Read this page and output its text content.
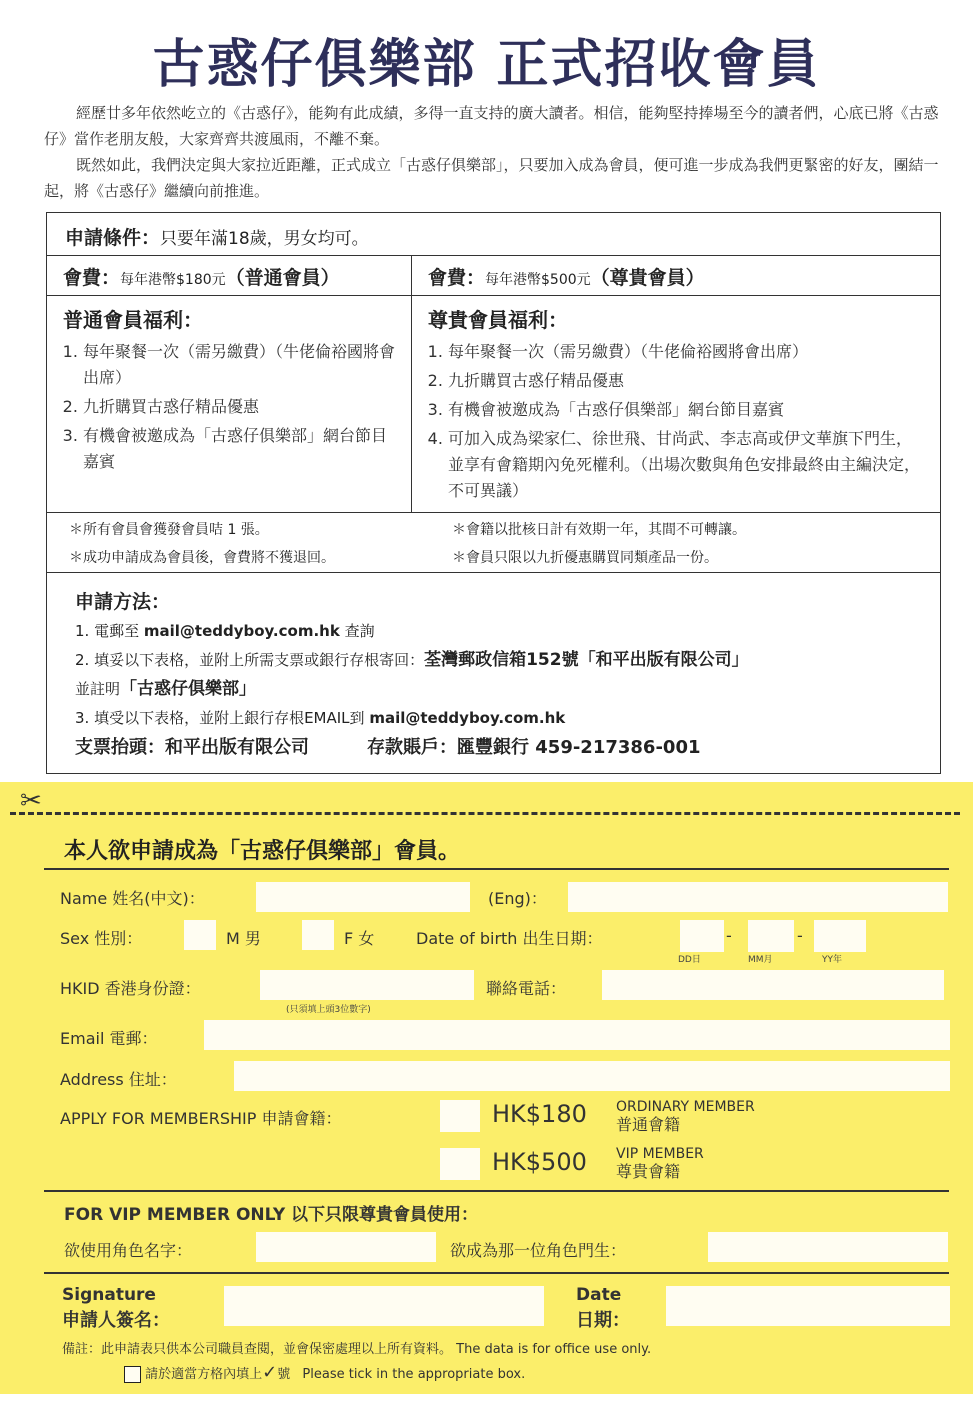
古惑仔俱樂部 正式招收會員

經歷廿多年依然屹立的《古惑仔》，能夠有此成績，多得一直支持的廣大讀者。相信，能夠堅持捧場至今的讀者們，心底已將《古惑仔》當作老朋友般，大家齊齊共渡風雨，不離不棄。

既然如此，我們決定與大家拉近距離，正式成立「古惑仔俱樂部」，只要加入成為會員，便可進一步成為我們更緊密的好友，團結一起，將《古惑仔》繼續向前推進。

申請條件：只要年滿18歲，男女均可。
會費：每年港幣$180元（普通會員）	會費：每年港幣$500元（尊貴會員）
普通會員福利：
1. 每年聚餐一次（需另繳費）（牛佬倫裕國將會出席）
2. 九折購買古惑仔精品優惠
3. 有機會被邀成為「古惑仔俱樂部」網台節目嘉賓
尊貴會員福利：
1. 每年聚餐一次（需另繳費）（牛佬倫裕國將會出席）
2. 九折購買古惑仔精品優惠
3. 有機會被邀成為「古惑仔俱樂部」網台節目嘉賓
4. 可加入成為梁家仁、徐世飛、甘尚武、李志高或伊文華旗下門生，並享有會籍期內免死權利。（出場次數與角色安排最終由主編決定，不可異議）
＊所有會員會獲發會員咭 1 張。	＊會籍以批核日計有效期一年，其間不可轉讓。
＊成功申請成為會員後，會費將不獲退回。	＊會員只限以九折優惠購買同類產品一份。
申請方法：
1. 電郵至 mail@teddyboy.com.hk 查詢
2. 填妥以下表格，並附上所需支票或銀行存根寄回：荃灣郵政信箱152號「和平出版有限公司」
並註明「古惑仔俱樂部」
3. 填受以下表格，並附上銀行存根EMAIL到 mail@teddyboy.com.hk
支票抬頭：和平出版有限公司	存款賬戶：匯豐銀行 459-217386-001
✂
本人欲申請成為「古惑仔俱樂部」會員。
Name 姓名(中文)：	(Eng)：
Sex 性別：	M 男	F 女	Date of birth 出生日期：	-	-
DD日	MM月	YY年
HKID 香港身份證：
(只須填上頭3位數字)
聯絡電話：
Email 電郵：
Address 住址：
APPLY FOR MEMBERSHIP 申請會籍：	HK$180 ORDINARY MEMBER
普通會籍
HK$500 VIP MEMBER
尊貴會籍
FOR VIP MEMBER ONLY 以下只限尊貴會員使用：
欲使用角色名字：	欲成為那一位角色門生：
Signature
申請人簽名：
Date
日期：
備註：此申請表只供本公司職員查閱，並會保密處理以上所有資料。 The data is for office use only.
請於適當方格內填上✓號 Please tick in the appropriate box.
